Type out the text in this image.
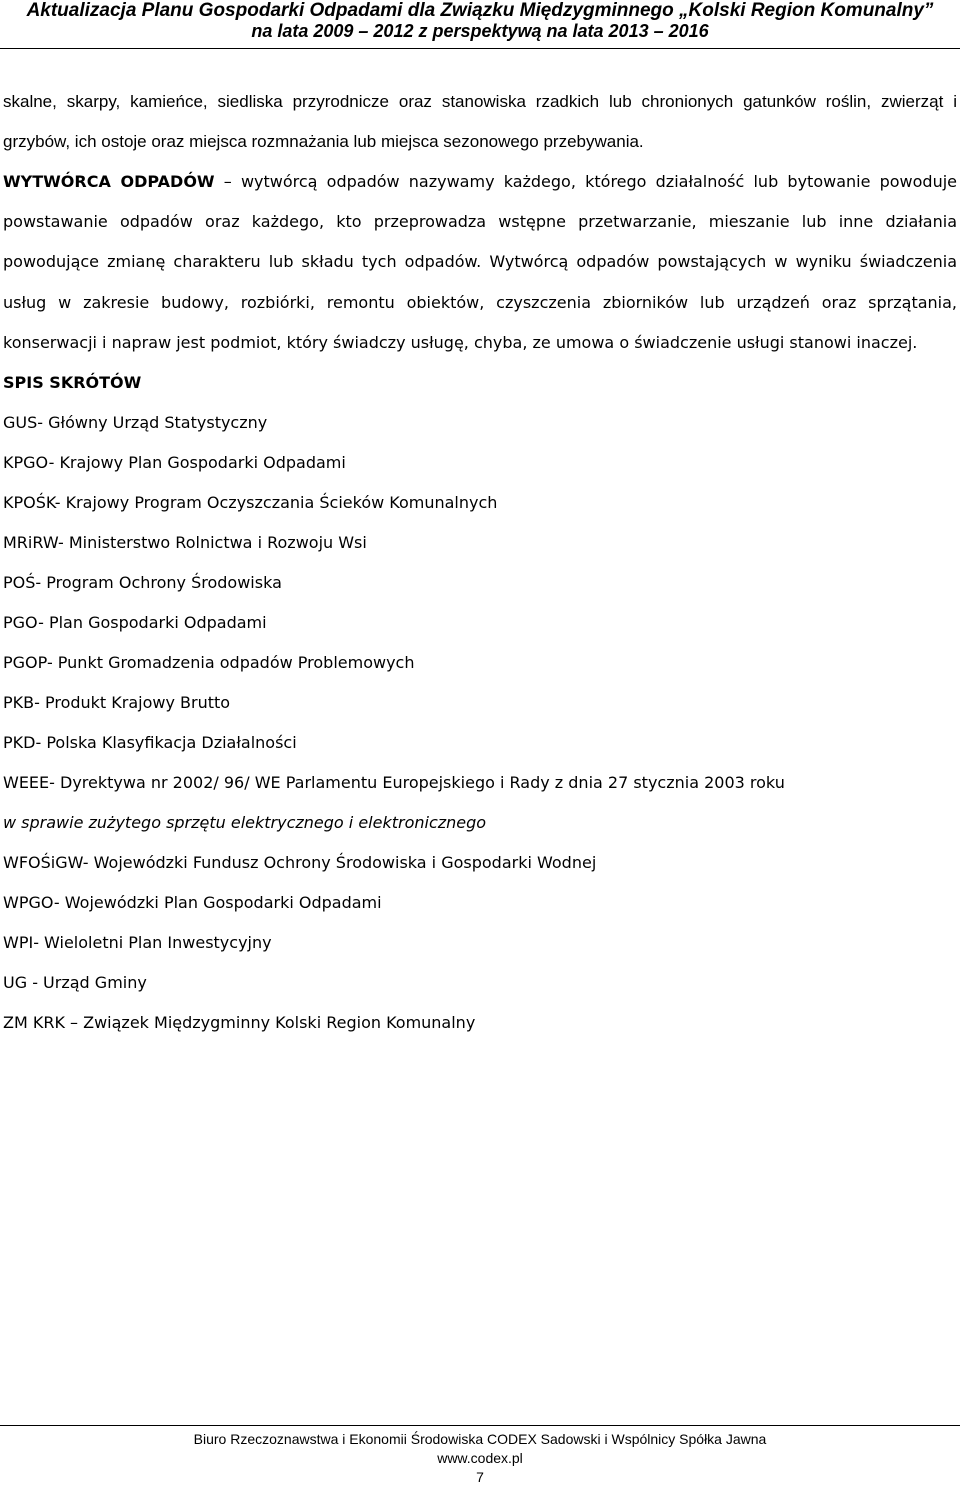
Aktualizacja Planu Gospodarki Odpadami dla Związku Międzygminnego „Kolski Region Komunalny”
na lata 2009 – 2012 z perspektywą na lata 2013 – 2016

skalne, skarpy, kamieńce, siedliska przyrodnicze oraz stanowiska rzadkich lub chronionych gatunków roślin, zwierząt i grzybów, ich ostoje oraz miejsca rozmnażania lub miejsca sezonowego przebywania.

WYTWÓRCA ODPADÓW – wytwórcą odpadów nazywamy każdego, którego działalność lub bytowanie powoduje powstawanie odpadów oraz każdego, kto przeprowadza wstępne przetwarzanie, mieszanie lub inne działania powodujące zmianę charakteru lub składu tych odpadów. Wytwórcą odpadów powstających w wyniku świadczenia usług w zakresie budowy, rozbiórki, remontu obiektów, czyszczenia zbiorników lub urządzeń oraz sprzątania, konserwacji i napraw jest podmiot, który świadczy usługę, chyba, ze umowa o świadczenie usługi stanowi inaczej.

SPIS SKRÓTÓW

GUS- Główny Urząd Statystyczny
KPGO- Krajowy Plan Gospodarki Odpadami
KPOŚK- Krajowy Program Oczyszczania Ścieków Komunalnych
MRiRW- Ministerstwo Rolnictwa i Rozwoju Wsi
POŚ- Program Ochrony Środowiska
PGO- Plan Gospodarki Odpadami
PGOP- Punkt Gromadzenia odpadów Problemowych
PKB- Produkt Krajowy Brutto
PKD- Polska Klasyfikacja Działalności
WEEE- Dyrektywa nr 2002/ 96/ WE Parlamentu Europejskiego i Rady z dnia 27 stycznia 2003 roku
w sprawie zużytego sprzętu elektrycznego i elektronicznego
WFOŚiGW- Wojewódzki Fundusz Ochrony Środowiska i Gospodarki Wodnej
WPGO- Wojewódzki Plan Gospodarki Odpadami
WPI- Wieloletni Plan Inwestycyjny
UG - Urząd Gminy
ZM KRK – Związek Międzygminny Kolski Region Komunalny
Biuro Rzeczoznawstwa i Ekonomii Środowiska CODEX Sadowski i Wspólnicy Spółka Jawna
www.codex.pl
7
